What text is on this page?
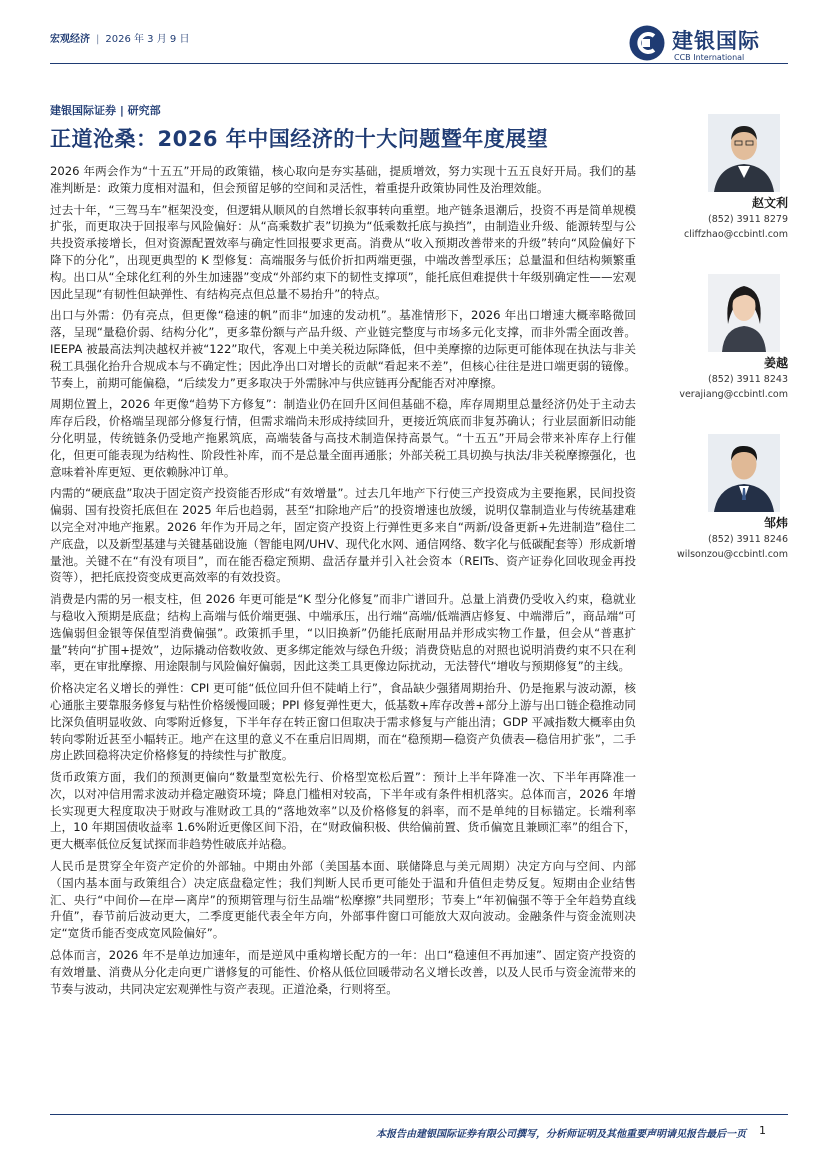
宏观经济 | 2026 年 3 月 9 日	建银国际
CCB International
建银国际证券 | 研究部
正道沧桑：2026 年中国经济的十大问题暨年度展望

2026 年两会作为“十五五”开局的政策锚，核心取向是夯实基础，提质增效，努力实现十五五良好开局。我们的基准判断是：政策力度相对温和，但会预留足够的空间和灵活性，着重提升政策协同性及治理效能。

过去十年，“三驾马车”框架没变，但逻辑从顺风的自然增长叙事转向重塑。地产链条退潮后，投资不再是简单规模扩张，而更取决于回报率与风险偏好：从“高乘数扩表”切换为“低乘数托底与换挡”，由制造业升级、能源转型与公共投资承接增长，但对资源配置效率与确定性回报要求更高。消费从“收入预期改善带来的升级”转向“风险偏好下降下的分化”，出现更典型的 K 型修复：高端服务与低价折扣两端更强，中端改善型承压；总量温和但结构频繁重构。出口从“全球化红利的外生加速器”变成“外部约束下的韧性支撑项”，能托底但难提供十年级别确定性——宏观因此呈现“有韧性但缺弹性、有结构亮点但总量不易抬升”的特点。

出口与外需：仍有亮点，但更像“稳速的帆”而非“加速的发动机”。基准情形下，2026 年出口增速大概率略微回落，呈现“量稳价弱、结构分化”，更多靠份额与产品升级、产业链完整度与市场多元化支撑，而非外需全面改善。IEEPA 被最高法判决越权并被“122”取代，客观上中美关税边际降低，但中美摩擦的边际更可能体现在执法与非关税工具强化抬升合规成本与不确定性；因此净出口对增长的贡献“看起来不差”，但核心往往是进口端更弱的镜像。节奏上，前期可能偏稳，“后续发力”更多取决于外需脉冲与供应链再分配能否对冲摩擦。

周期位置上，2026 年更像“趋势下方修复”：制造业仍在回升区间但基础不稳，库存周期里总量经济仍处于主动去库存后段，价格端呈现部分修复行情，但需求端尚未形成持续回升，更接近筑底而非复苏确认；行业层面新旧动能分化明显，传统链条仍受地产拖累筑底，高端装备与高技术制造保持高景气。“十五五”开局会带来补库存上行催化，但更可能表现为结构性、阶段性补库，而不是总量全面再通胀；外部关税工具切换与执法/非关税摩擦强化，也意味着补库更短、更依赖脉冲订单。

内需的“硬底盘”取决于固定资产投资能否形成“有效增量”。过去几年地产下行使三产投资成为主要拖累，民间投资偏弱、国有投资托底但在 2025 年后也趋弱，甚至“扣除地产后”的投资增速也放缓，说明仅靠制造业与传统基建难以完全对冲地产拖累。2026 年作为开局之年，固定资产投资上行弹性更多来自“两新/设备更新+先进制造”稳住二产底盘，以及新型基建与关键基础设施（智能电网/UHV、现代化水网、通信网络、数字化与低碳配套等）形成新增量池。关键不在“有没有项目”，而在能否稳定预期、盘活存量并引入社会资本（REITs、资产证券化回收现金再投资等），把托底投资变成更高效率的有效投资。

消费是内需的另一根支柱，但 2026 年更可能是“K 型分化修复”而非广谱回升。总量上消费仍受收入约束，稳就业与稳收入预期是底盘；结构上高端与低价端更强、中端承压，出行端“高端/低端酒店修复、中端滞后”，商品端“可选偏弱但金银等保值型消费偏强”。政策抓手里，“以旧换新”仍能托底耐用品并形成实物工作量，但会从“普惠扩量”转向“扩围+提效”，边际撬动倍数收敛、更多绑定能效与绿色升级；消费贷贴息的对照也说明消费约束不只在利率，更在审批摩擦、用途限制与风险偏好偏弱，因此这类工具更像边际扰动，无法替代“增收与预期修复”的主线。

价格决定名义增长的弹性：CPI 更可能“低位回升但不陡峭上行”，食品缺少强猪周期抬升、仍是拖累与波动源，核心通胀主要靠服务修复与粘性价格缓慢回暖；PPI 修复弹性更大，低基数+库存改善+部分上游与出口链企稳推动同比深负值明显收敛、向零附近修复，下半年存在转正窗口但取决于需求修复与产能出清；GDP 平减指数大概率由负转向零附近甚至小幅转正。地产在这里的意义不在重启旧周期，而在“稳预期—稳资产负债表—稳信用扩张”，二手房止跌回稳将决定价格修复的持续性与扩散度。

货币政策方面，我们的预测更偏向“数量型宽松先行、价格型宽松后置”：预计上半年降准一次、下半年再降准一次，以对冲信用需求波动并稳定融资环境；降息门槛相对较高，下半年或有条件相机落实。总体而言，2026 年增长实现更大程度取决于财政与准财政工具的“落地效率”以及价格修复的斜率，而不是单纯的目标锚定。长端利率上，10 年期国债收益率 1.6%附近更像区间下沿，在“财政偏积极、供给偏前置、货币偏宽且兼顾汇率”的组合下，更大概率低位反复试探而非趋势性破底并站稳。

人民币是贯穿全年资产定价的外部轴。中期由外部（美国基本面、联储降息与美元周期）决定方向与空间、内部（国内基本面与政策组合）决定底盘稳定性；我们判断人民币更可能处于温和升值但走势反复。短期由企业结售汇、央行“中间价—在岸—离岸”的预期管理与衍生品端“松摩擦”共同塑形；节奏上“年初偏强不等于全年趋势直线升值”，春节前后波动更大，二季度更能代表全年方向，外部事件窗口可能放大双向波动。金融条件与资金流则决定“宽货币能否变成宽风险偏好”。

总体而言，2026 年不是单边加速年，而是逆风中重构增长配方的一年：出口“稳速但不再加速”、固定资产投资的有效增量、消费从分化走向更广谱修复的可能性、价格从低位回暖带动名义增长改善，以及人民币与资金流带来的节奏与波动，共同决定宏观弹性与资产表现。正道沧桑，行则将至。

赵文利
(852) 3911 8279
cliffzhao@ccbintl.com
姜越
(852) 3911 8243
verajiang@ccbintl.com
邹炜
(852) 3911 8246
wilsonzou@ccbintl.com
本报告由建银国际证券有限公司撰写，分析师证明及其他重要声明请见报告最后一页 1
